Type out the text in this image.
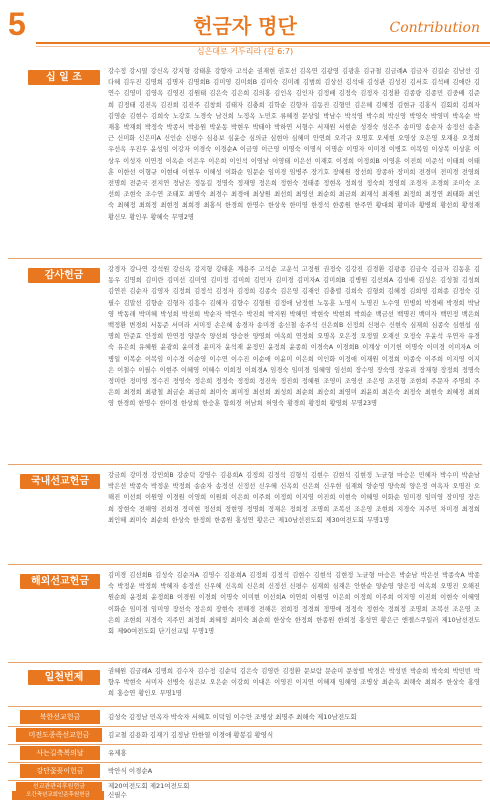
5	헌금자 명단	Contribution
심은대로 거두리라 (갈 6:7)
십 일 조
강수정 강시열 강신옥 강지형 강태훈 강향자 고석순 권재현 권호선 김옥연 김광영 김광훈 김규철 김금례A 김금자 김길순 김남선 김다혜 김두진 김명희 김명자 김명희B 김미영 김미희B 김미숙 김미례 김범희 김상선 김석대 김성관 김성진 김서호 김석배 김애란 김연수 김영미 김영옥 김영진 김원태 김은숙 김은희 김의홍 김인옥 김인자 김정배 김정숙 김정자 김정환 김종량 김종민 김중배 김준희 김정태 김진옥 김진희 김진주 김창희 김태자 김충희 김학순 김향자 김동진 김형민 김은혜 김혜정 김현규 김홍식 김회희 김희자 김영순 김현수 김희숙 노강호 노경숙 남건희 노정옥 노민호 류혜경 문상일 박남수 박석영 박수희 박신영 박영숙 박영미 박옥순 박재홍 박재희 박정숙 박종서 박용원 박운동 박현우 박태야 박하연 서형수 서재원 서현순 성경숙 성은주 송미영 송순자 송정선 송춘근 신미화 신은미A 신인순 신평수 심용보 심윤승 심의균 심현아 심혜미 안연희 오각규 오명호 오세현 오영상 오은영 오재용 오정희 우선옥 우진우 윤성임 이강자 이경숙 이경순A 이금영 이근영 이명숙 이명식 이명순 이명자 이미경 이병호 이복임 이상복 이상훈 이상우 이성자 이연정 이옥순 이은우 이은희 이인석 이영남 이영태 이은선 이재호 이정희 이정희B 이영훈 이진희 이준석 이태희 이태훈 이한선 이형규 이현대 이현우 이혜성 이화순 임문순 임미경 임병주 장기호 장혜원 장선희 장종하 장미희 전경미 전미경 전영희 전명희 전준국 전지연 정남은 정동길 정명숙 정재영 정은희 정현숙 정태종 정현옥 정희성 정숙희 정영희 조경자 조경희 조미숙 조선희 조현숙 조수연 조태호 최명숙 최경수 최경애 최상원 최선희 최영선 최순희 최금희 최재석 최재원 최정희 최정연 최태화 최인숙 최혜정 최희정 최현정 최희경 최홍식 한경희 한명수 한상욱 한미영 한정석 한종원 한주연 황대희 황미라 황병희 황선희 황성재 황신모 황인우 황혜숙 무명2명
감사헌금
강경자 강나연 강석원 강신옥 강지형 강태훈 계용주 고석순 고운석 고정원 권정숙 김강진 김경환 김광종 김금숙 김금자 김동훈 김동우 김명희 김미란 김미선 김미영 김미정 김미희 김민자 김미경 김미자A 김미희B 김병원 김선희A 김성배 김성은 김성철 김성희 김연진 김순자 김영자 김정희 김정석 김정자 김정희 김종숙 김은영 김재인 김충렬 김희숙 김형희 김혜정 김희영 김희종 김정숙 김필수 김말선 김향순 김형자 김흥수 김혜자 김향수 김형원 김정애 남정현 노동훈 노명식 노명진 노수영 민병희 박경배 박경희 박남영 박동래 박미혜 박성희 박선희 박순자 박연수 박진희 박지원 박혜민 박현숙 박현희 박희순 백금선 백명진 백미자 백민정 백은희 백정환 변경희 서동준 서미라 서미정 손은혜 송경자 송미경 송신철 송주석 신은희B 신정희 신평수 신현숙 심재희 심종숙 심현섭 심명희 안준효 안정희 안연정 양문숙 양선희 양승찬 양영희 여옥희 연정희 오명옥 오은정 오정열 오재선 오정숙 우윤석 우연자 유경숙 유은희 유혜원 윤광희 윤미경 윤미자 윤석재 윤정민 윤정희 윤종희 이경숙A 이경희B 이계상 이기헌 이명숙 이미경 이미자A 이병일 이복순 이복임 이수경 이순영 이수연 이수진 이순애 이윤미 이은희 이인화 이정애 이재원 이정희 이종숙 이주희 이지영 이지은 이철수 이필수 이현주 이혜영 이혜수 이희정 이희경A 임경숙 임미경 임혜영 임선희 장수영 장숙영 장유리 장재형 장정희 정명숙 정미란 정미영 정수진 정영숙 정은희 정정숙 정정희 정진욱 정진희 정혜원 조영미 조영선 조은영 조진형 조현희 주문자 주명희 주은희 최경희 최광철 최금순 최금희 최미숙 최미정 최선희 최성희 최순희 최승희 최영미 최윤희 최은숙 최정숙 최현숙 최혜경 최희영 한경희 한명수 한미경 한상희 한승훈 함희경 허남희 허영숙 황경희 황정희 황영희 무명23명
국내선교헌금
강금희 강미경 강민희B 강순덕 강영수 김용희A 김정희 김정석 김형석 김현수 김현석 김현정 노균형 마승은 민혜자 박수미 박순남 박은선 박종숙 박정운 박정희 송순자 송정선 신정선 신우혜 신옥희 신은희 신우현 심재희 양순영 양숙희 양은정 여옥자 오명진 오해진 이선희 이원영 이경원 이영희 이원희 이은희 이주희 이정희 이지영 이진희 이현숙 이혜영 이화순 임미경 임미영 장미영 장은희 장현숙 전해영 전희경 정미현 정선희 정현영 정명희 정재은 정희정 조명희 조복선 조은영 조현희 지경숙 지주민 차미경 최정희 최인혜 최미숙 최순희 한상숙 한정희 한종원 홍성연 황은근 제10남선전도회 제30여전도회 무명1명
해외선교헌금
김미경 김선희B 김성숙 김순자A 김영수 김용희A 김정희 김정석 김현수 김현석 김현정 노균형 마승은 박순남 박은선 박종숙A 박종숙 박정운 박정희 박혜자 송정선 신우혜 신옥희 신은희 신정선 신평수 심재희 심재은 안한순 양순영 양은정 여옥희 오명진 오해진 원순희 윤정희 윤정희B 이경원 이경희 이명숙 이미현 이선희A 이연희 이원영 이은희 이정희 이주희 이지영 이진희 이현숙 이혜영 이화순 임미경 임미영 장선숙 장은희 장현숙 전해경 전해은 전희정 정경희 정명애 정정숙 정현숙 정희정 조명희 조복선 조은영 조은희 조현희 지경숙 지주민 최정희 최혜정 최미숙 최순희 한상숙 한정희 한종원 한희정 홍성연 황은근 엔젤스쿠일러 제10남선전도회 제90여전도회 단기선교팀 무명1명
일천번제
권혜원 김금례A 김명희 김수자 김수정 김순덕 김은숙 김영란 김정환 문보람 문순미 문창렬 박경은 박성빈 박순희 박숙희 박민빈 박향우 박현숙 서미자 선병숙 심은보 오은순 이강희 이대은 이영진 이지연 이혜재 임혜영 조병상 최순옥 최해숙 최희주 한상숙 홍영희 홍승연 황인오 무명1명
북한선교헌금	김성숙 김정남 민옥자 박숙자 서혜호 이덕임 이수안 조병상 최명주 최해숙 제10남전도회
미전도종족선교헌금	김교철 김용화 김재기 김정남 안한열 이경애 황봉길 황영식
사는길축복의날	유제홍
강단꽃꽂이헌금	박안식 이경순A
선교관관리후원헌금	제20여전도회 제21여전도회
오간축년교회인준후원헌금	신필수
